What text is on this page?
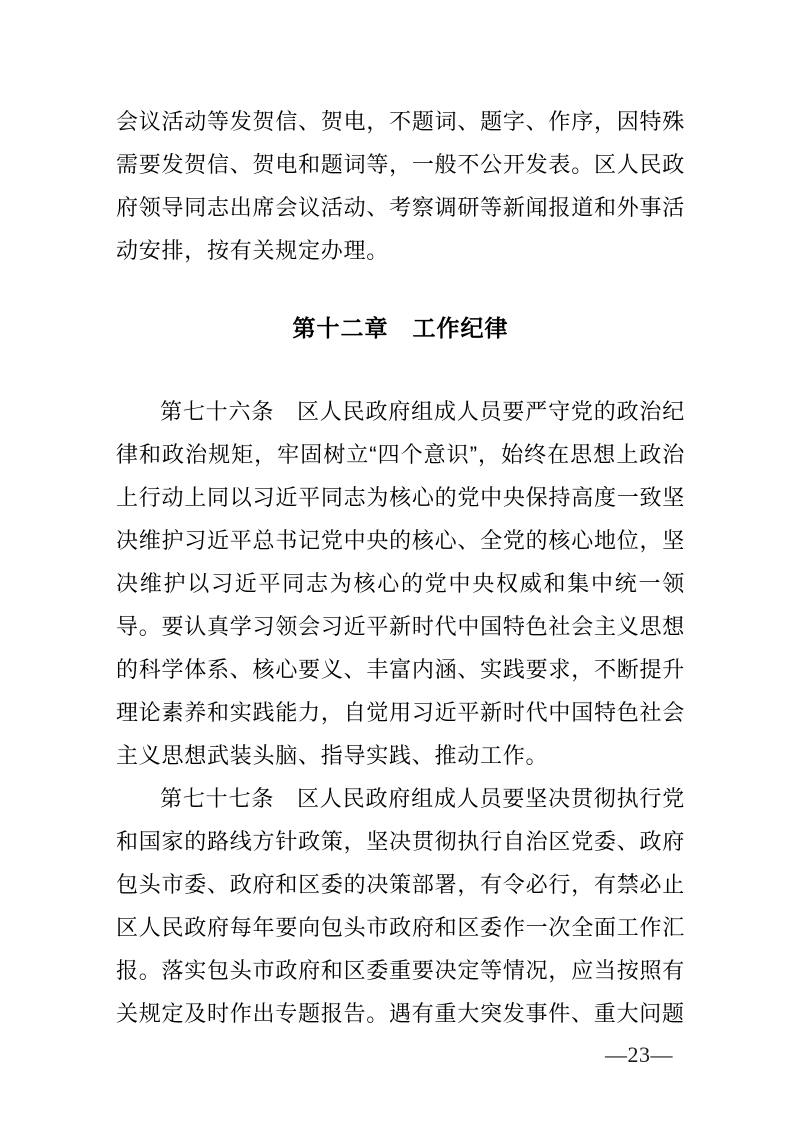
会议活动等发贺信、贺电，不题词、题字、作序，因特殊需要发贺信、贺电和题词等，一般不公开发表。区人民政府领导同志出席会议活动、考察调研等新闻报道和外事活动安排，按有关规定办理。

第十二章　工作纪律

第七十六条　区人民政府组成人员要严守党的政治纪律和政治规矩，牢固树立“四个意识”，始终在思想上政治上行动上同以习近平同志为核心的党中央保持高度一致坚决维护习近平总书记党中央的核心、全党的核心地位，坚决维护以习近平同志为核心的党中央权威和集中统一领导。要认真学习领会习近平新时代中国特色社会主义思想的科学体系、核心要义、丰富内涵、实践要求，不断提升理论素养和实践能力，自觉用习近平新时代中国特色社会主义思想武装头脑、指导实践、推动工作。

第七十七条　区人民政府组成人员要坚决贯彻执行党和国家的路线方针政策，坚决贯彻执行自治区党委、政府包头市委、政府和区委的决策部署，有令必行，有禁必止区人民政府每年要向包头市政府和区委作一次全面工作汇报。落实包头市政府和区委重要决定等情况，应当按照有关规定及时作出专题报告。遇有重大突发事件、重大问题

—23—
